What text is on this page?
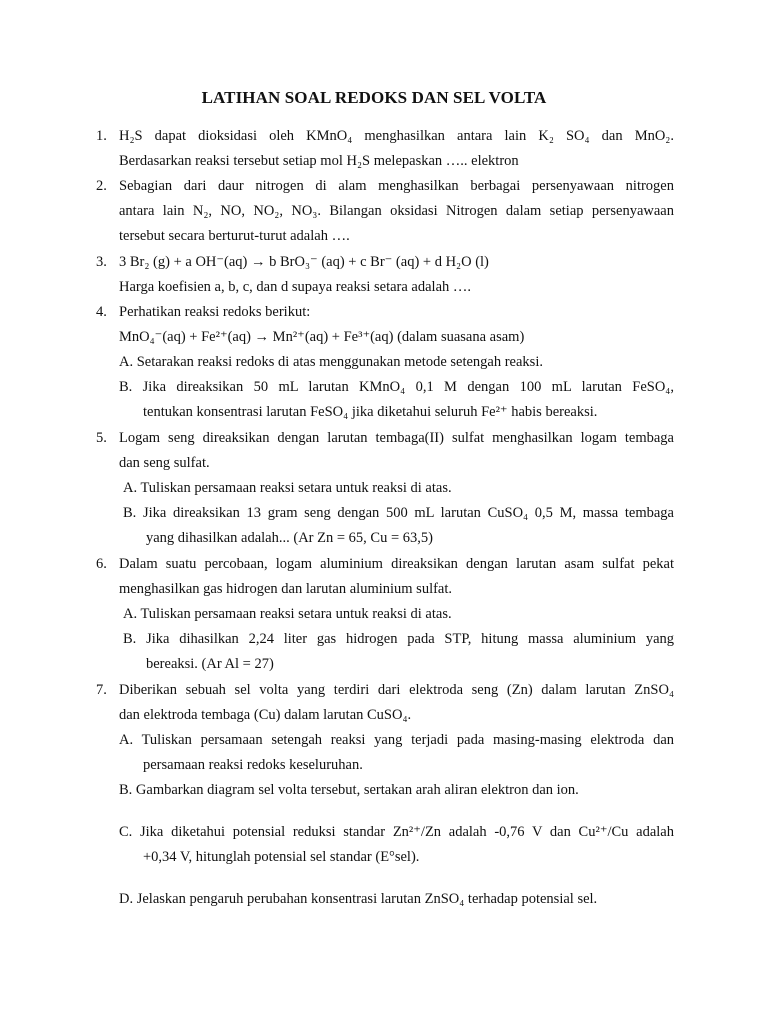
LATIHAN SOAL REDOKS DAN SEL VOLTA
1. H₂S dapat dioksidasi oleh KMnO₄ menghasilkan antara lain K₂ SO₄ dan MnO₂.
Berdasarkan reaksi tersebut setiap mol H₂S melepaskan ….. elektron
2. Sebagian dari daur nitrogen di alam menghasilkan berbagai persenyawaan nitrogen
antara lain N₂, NO, NO₂, NO₃. Bilangan oksidasi Nitrogen dalam setiap persenyawaan
tersebut secara berturut-turut adalah ….
3. 3 Br₂ (g) + a OH⁻(aq) → b BrO₃⁻ (aq) + c Br⁻ (aq) + d H₂O (l)
Harga koefisien a, b, c, dan d supaya reaksi setara adalah ….
4. Perhatikan reaksi redoks berikut:
MnO₄⁻(aq) + Fe²⁺(aq) → Mn²⁺(aq) + Fe³⁺(aq) (dalam suasana asam)
A. Setarakan reaksi redoks di atas menggunakan metode setengah reaksi.
B. Jika direaksikan 50 mL larutan KMnO₄ 0,1 M dengan 100 mL larutan FeSO₄,
tentukan konsentrasi larutan FeSO₄ jika diketahui seluruh Fe²⁺ habis bereaksi.
5. Logam seng direaksikan dengan larutan tembaga(II) sulfat menghasilkan logam tembaga
dan seng sulfat.
A. Tuliskan persamaan reaksi setara untuk reaksi di atas.
B. Jika direaksikan 13 gram seng dengan 500 mL larutan CuSO₄ 0,5 M, massa tembaga
yang dihasilkan adalah... (Ar Zn = 65, Cu = 63,5)
6. Dalam suatu percobaan, logam aluminium direaksikan dengan larutan asam sulfat pekat
menghasilkan gas hidrogen dan larutan aluminium sulfat.
A. Tuliskan persamaan reaksi setara untuk reaksi di atas.
B. Jika dihasilkan 2,24 liter gas hidrogen pada STP, hitung massa aluminium yang
bereaksi. (Ar Al = 27)
7. Diberikan sebuah sel volta yang terdiri dari elektroda seng (Zn) dalam larutan ZnSO₄
dan elektroda tembaga (Cu) dalam larutan CuSO₄.
A. Tuliskan persamaan setengah reaksi yang terjadi pada masing-masing elektroda dan
persamaan reaksi redoks keseluruhan.
B. Gambarkan diagram sel volta tersebut, sertakan arah aliran elektron dan ion.
C. Jika diketahui potensial reduksi standar Zn²⁺/Zn adalah -0,76 V dan Cu²⁺/Cu adalah
+0,34 V, hitunglah potensial sel standar (E°sel).
D. Jelaskan pengaruh perubahan konsentrasi larutan ZnSO₄ terhadap potensial sel.
